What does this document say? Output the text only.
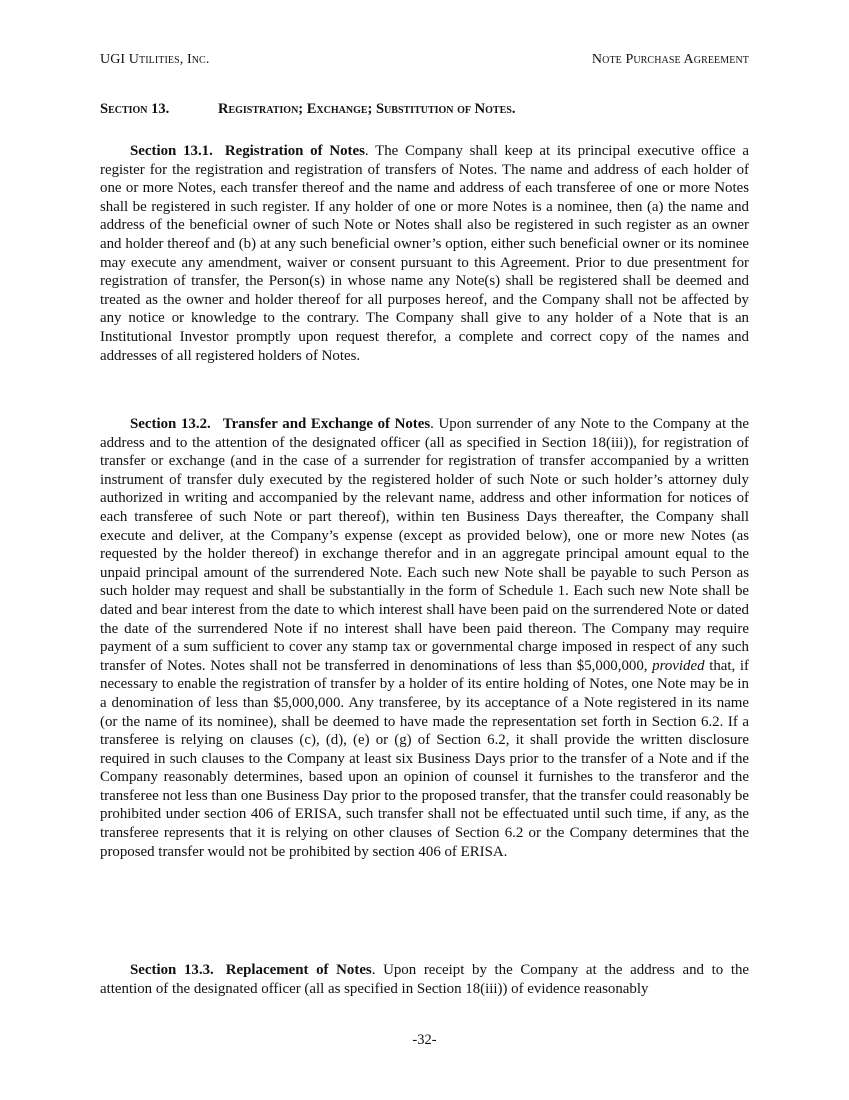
UGI Utilities, Inc.	Note Purchase Agreement
Section 13.	Registration; Exchange; Substitution of Notes.

Section 13.1. Registration of Notes. The Company shall keep at its principal executive office a register for the registration and registration of transfers of Notes. The name and address of each holder of one or more Notes, each transfer thereof and the name and address of each transferee of one or more Notes shall be registered in such register. If any holder of one or more Notes is a nominee, then (a) the name and address of the beneficial owner of such Note or Notes shall also be registered in such register as an owner and holder thereof and (b) at any such beneficial owner’s option, either such beneficial owner or its nominee may execute any amendment, waiver or consent pursuant to this Agreement. Prior to due presentment for registration of transfer, the Person(s) in whose name any Note(s) shall be registered shall be deemed and treated as the owner and holder thereof for all purposes hereof, and the Company shall not be affected by any notice or knowledge to the contrary. The Company shall give to any holder of a Note that is an Institutional Investor promptly upon request therefor, a complete and correct copy of the names and addresses of all registered holders of Notes.

Section 13.2. Transfer and Exchange of Notes. Upon surrender of any Note to the Company at the address and to the attention of the designated officer (all as specified in Section 18(iii)), for registration of transfer or exchange (and in the case of a surrender for registration of transfer accompanied by a written instrument of transfer duly executed by the registered holder of such Note or such holder’s attorney duly authorized in writing and accompanied by the relevant name, address and other information for notices of each transferee of such Note or part thereof), within ten Business Days thereafter, the Company shall execute and deliver, at the Company’s expense (except as provided below), one or more new Notes (as requested by the holder thereof) in exchange therefor and in an aggregate principal amount equal to the unpaid principal amount of the surrendered Note. Each such new Note shall be payable to such Person as such holder may request and shall be substantially in the form of Schedule 1. Each such new Note shall be dated and bear interest from the date to which interest shall have been paid on the surrendered Note or dated the date of the surrendered Note if no interest shall have been paid thereon. The Company may require payment of a sum sufficient to cover any stamp tax or governmental charge imposed in respect of any such transfer of Notes. Notes shall not be transferred in denominations of less than $5,000,000, provided that, if necessary to enable the registration of transfer by a holder of its entire holding of Notes, one Note may be in a denomination of less than $5,000,000. Any transferee, by its acceptance of a Note registered in its name (or the name of its nominee), shall be deemed to have made the representation set forth in Section 6.2. If a transferee is relying on clauses (c), (d), (e) or (g) of Section 6.2, it shall provide the written disclosure required in such clauses to the Company at least six Business Days prior to the transfer of a Note and if the Company reasonably determines, based upon an opinion of counsel it furnishes to the transferor and the transferee not less than one Business Day prior to the proposed transfer, that the transfer could reasonably be prohibited under section 406 of ERISA, such transfer shall not be effectuated until such time, if any, as the transferee represents that it is relying on other clauses of Section 6.2 or the Company determines that the proposed transfer would not be prohibited by section 406 of ERISA.

Section 13.3. Replacement of Notes. Upon receipt by the Company at the address and to the attention of the designated officer (all as specified in Section 18(iii)) of evidence reasonably

-32-
